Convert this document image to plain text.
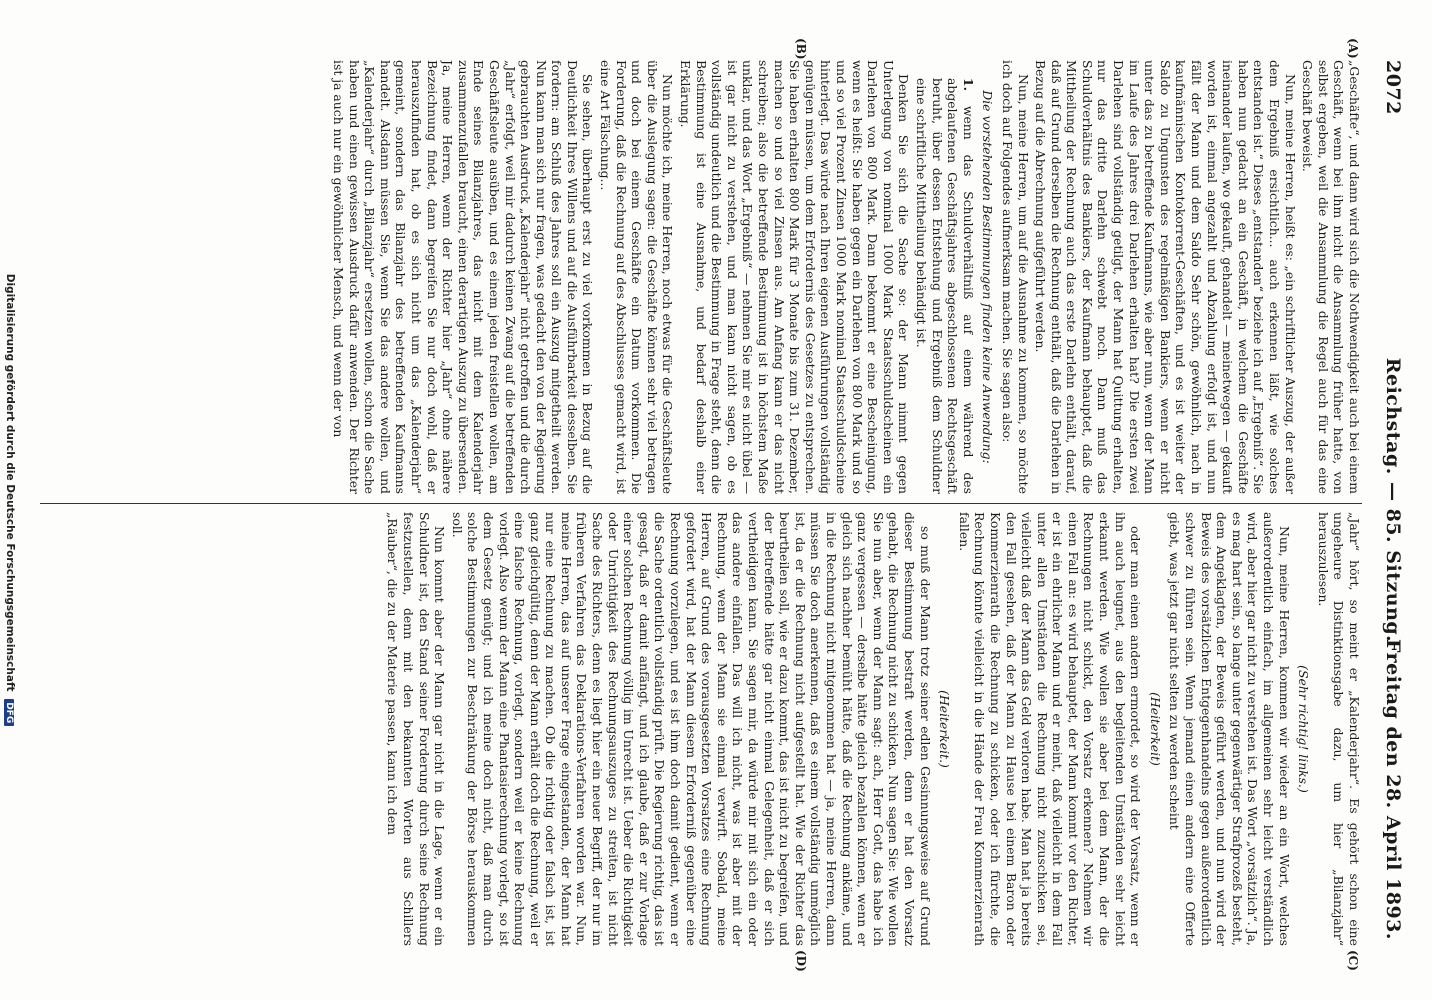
2072
Reichstag. — 85. Sitzung.
Freitag den 28. April 1893.
(A)
(B)
(C)
(D)

„Geschäfte“, und dann wird sich die Nothwendigkeit auch bei einem Geschäft, wenn bei ihm nicht die Ansammlung früher hatte, von selbst ergeben, weil die Ansammlung die Regel auch für das eine Geschäft beweist.

Nun, meine Herren, heißt es: „ein schriftlicher Auszug, der außer dem Ergebniß ersichtlich... auch erkennen läßt, wie solches entstanden ist.“ Dieses „entstanden“ beziehe ich auf „Ergebniß“. Sie haben nun gedacht an ein Geschäft, in welchem die Geschäfte ineinander laufen, wo gekauft, gehandelt — meinetwegen — gekauft worden ist, einmal angezahlt und Abzahlung erfolgt ist, und nun fällt der Mann und dem Saldo Sehr schön, gewöhnlich, nach in kaufmännischen Kontokorrent-Geschäften, und es ist weiter der Saldo zu Ungunsten des regelmäßigen Bankiers, wenn er nicht unter das zu betreffende Kaufmanns, wie aber nun, wenn der Mann im Laufe des Jahres drei Darlehen erhalten hat? Die ersten zwei Darlehen sind vollständig getilgt, der Mann hat Quittung erhalten, nur das dritte Darlehn schwebt noch. Dann muß das Schuldverhältnis des Bankiers, der Kaufmann behauptet, daß die Mittheilung der Rechnung auch das erste Darlehn enthält, darauf, daß auf Grund derselben die Rechnung enthält, daß die Darlehen in Bezug auf die Abrechnung aufgeführt werden.

Nun, meine Herren, um auf die Ausnahme zu kommen, so möchte ich doch auf Folgendes aufmerksam machen. Sie sagen also:

Die vorstehenden Bestimmungen finden keine Anwendung:

1. wenn das Schuldverhältniß auf einem während des abgelaufenen Geschäftsjahres abgeschlossenen Rechtsgeschäft beruht, über dessen Entstehung und Ergebniß dem Schuldner eine schriftliche Mittheilung behändigt ist.

Denken Sie sich die Sache so: der Mann nimmt gegen Unterlegung von nominal 1000 Mark Staatsschuldscheinen ein Darlehen von 800 Mark. Dann bekommt er eine Bescheinigung, wenn es heißt: Sie haben gegen ein Darlehen von 800 Mark und so und so viel Prozent Zinsen 1000 Mark nominal Staatsschuldscheine hinterlegt. Das würde nach Ihren eigenen Ausführungen vollständig genügen müssen, um dem Erfordernis des Gesetzes zu entsprechen. Sie haben erhalten 800 Mark für 3 Monate bis zum 31. Dezember, machen so und so viel Zinsen aus. Am Anfang kann er das nicht schreiben; also die betreffende Bestimmung ist in höchstem Maße unklar, und das Wort „Ergebniß“ — nehmen Sie mir es nicht übel — ist gar nicht zu verstehen, und man kann nicht sagen, ob es vollständig undeutlich und die Bestimmung in Frage steht, denn die Bestimmung ist eine Ausnahme, und bedarf deshalb einer Erklärung.

Nun möchte ich, meine Herren, noch etwas für die Geschäftsleute über die Auslegung sagen: die Geschäfte können sehr viel betragen und doch bei einem Geschäfte ein Datum vorkommen. Die Forderung, daß die Rechnung auf des Abschlusses gemacht wird, ist eine Art Fälschung...

Sie sehen, überhaupt erst zu viel vorkommen in Bezug auf die Deutlichkeit Ihres Willens und auf die Ausführbarkeit desselben. Sie fordern: am Schluß des Jahres soll ein Auszug mitgetheilt werden. Nun kann man sich nur fragen, was gedacht den von der Regierung gebrauchten Ausdruck „Kalenderjahr“ nicht getroffen und die durch „Jahr“ erfolgt, weil mir dadurch keinen Zwang auf die betreffenden Geschäftsleute ausüben, und es einem jeden freistellen wollen, am Ende seines Bilanzjahres, das nicht mit dem Kalenderjahr zusammenzufallen braucht, einen derartigen Auszug zu übersenden. Ja, meine Herren, wenn der Richter hier „Jahr“ ohne nähere Bezeichnung findet, dann begreifen Sie nur doch wohl, daß er herauszufinden hat, ob es sich nicht um das „Kalenderjahr“ gemeint, sondern das Bilanzjahr des betreffenden Kaufmanns handelt. Alsdann müssen Sie, wenn Sie das andere wollen, und „Kalenderjahr“ durch „Bilanzjahr“ ersetzen wollen, schon die Sache haben und einen gewissen Ausdruck dafür anwenden. Der Richter ist ja auch nur ein gewöhnlicher Mensch, und wenn der von

„Jahr“ hört, so meint er „Kalenderjahr“. Es gehört schon eine ungeheure Distinktionsgabe dazu, um hier „Bilanzjahr“ herauszulesen.

(Sehr richtig! links.)

Nun, meine Herren, kommen wir wieder an ein Wort, welches außerordentlich einfach, im allgemeinen sehr leicht verständlich wird, aber hier gar nicht zu verstehen ist. Das Wort „vorsätzlich“. Ja, es mag hart sein, so lange unter gegenwärtiger Strafprozeß besteht, dem Angeklagten, der Beweis geführt werden, und nun wird der Beweis des vorsätzlichen Entgegenhandelns gegen außerordentlich schwer zu führen sein. Wenn jemand einen andern eine Offerte giebt, was jetzt gar nicht selten zu werden scheint

(Heiterkeit)

oder man einen andern ermordet, so wird der Vorsatz, wenn er ihn auch leugnet, aus den begleitenden Umständen sehr leicht erkannt werden. Wie wollen sie aber bei dem Mann, der die Rechnungen nicht schickt, den Vorsatz erkennen? Nehmen wir einen Fall an: es wird behauptet, der Mann kommt vor den Richter, er ist ein ehrlicher Mann und er meint, daß vielleicht in dem Fall unter allen Umständen die Rechnung nicht zuzuschicken sei, vielleicht daß der Mann das Geld verloren habe. Man hat ja bereits den Fall gesehen, daß der Mann zu Hause bei einem Baron oder Kommerzienrath die Rechnung zu schicken, oder ich fürchte, die Rechnung könnte vielleicht in die Hände der Frau Kommerzienrath fallen.

(Heiterkeit.)

so muß der Mann trotz seiner edlen Gesinnungsweise auf Grund dieser Bestimmung bestraft werden, denn er hat den Vorsatz gehabt, die Rechnung nicht zu schicken. Nun sagen Sie: Wie wollen Sie nun aber, wenn der Mann sagt: ach, Herr Gott, das habe ich ganz vergessen — derselbe hätte gleich bezahlen können, wenn er gleich sich nachher bemüht hätte, daß die Rechnung ankäme, und in die Rechnung nicht mitgenommen hat — ja, meine Herren, dann müssen Sie doch anerkennen, daß es einem vollständig unmöglich ist, da er die Rechnung nicht aufgestellt hat. Wie der Richter das beurtheilen soll, wie er dazu kommt, das ist nicht zu begreifen, und der Betreffende hätte gar nicht einmal Gelegenheit, daß er sich vertheidigen kann. Sie sagen mir, da würde mir mit sich ein oder das andere einfallen. Das will ich nicht, was ist aber mit der Rechnung, wenn der Mann sie einmal verwirft. Sobald, meine Herren, auf Grund des vorausgesetzten Vorsatzes eine Rechnung gefordert wird, hat der Mann diesem Erforderniß gegenüber eine Rechnung vorzulegen, und es ist ihm doch damit gedient, wenn er die Sache ordentlich vollständig prüft. Die Regierung richtig, das ist gesagt, daß er damit anfängt, und ich glaube, daß er zur Vorlage einer solchen Rechnung völlig im Unrecht ist. Ueber die Richtigkeit oder Unrichtigkeit des Rechnungsauszuges zu streiten, ist nicht Sache des Richters, denn es liegt hier ein neuer Begriff, der nur im früheren Verfahren das Deklarations-Verfahren worden war. Nun, meine Herren, das auf unserer Frage eingestanden, der Mann hat nur eine Rechnung zu machen. Ob die richtig oder falsch ist, ist ganz gleichgültig, denn der Mann erhält doch die Rechnung, weil er eine falsche Rechnung, vorlegt, sondern weil er keine Rechnung vorlegt. Also wenn der Mann eine Phantasierechnung vorlegt, so ist dem Gesetz genügt; und ich meine doch nicht, daß man durch solche Bestimmungen zur Beschränkung der Börse herauskommen soll.

Nun kommt aber der Mann gar nicht in die Lage, wenn er ein Schuldner ist, den Stand seiner Forderung durch seine Rechnung festzustellen, denn mit den bekannten Worten aus Schillers „Räuber“, die zu der Materie passen, kann ich dem

Digitalisierung gefördert durch die Deutsche Forschungsgemeinschaft DFG
